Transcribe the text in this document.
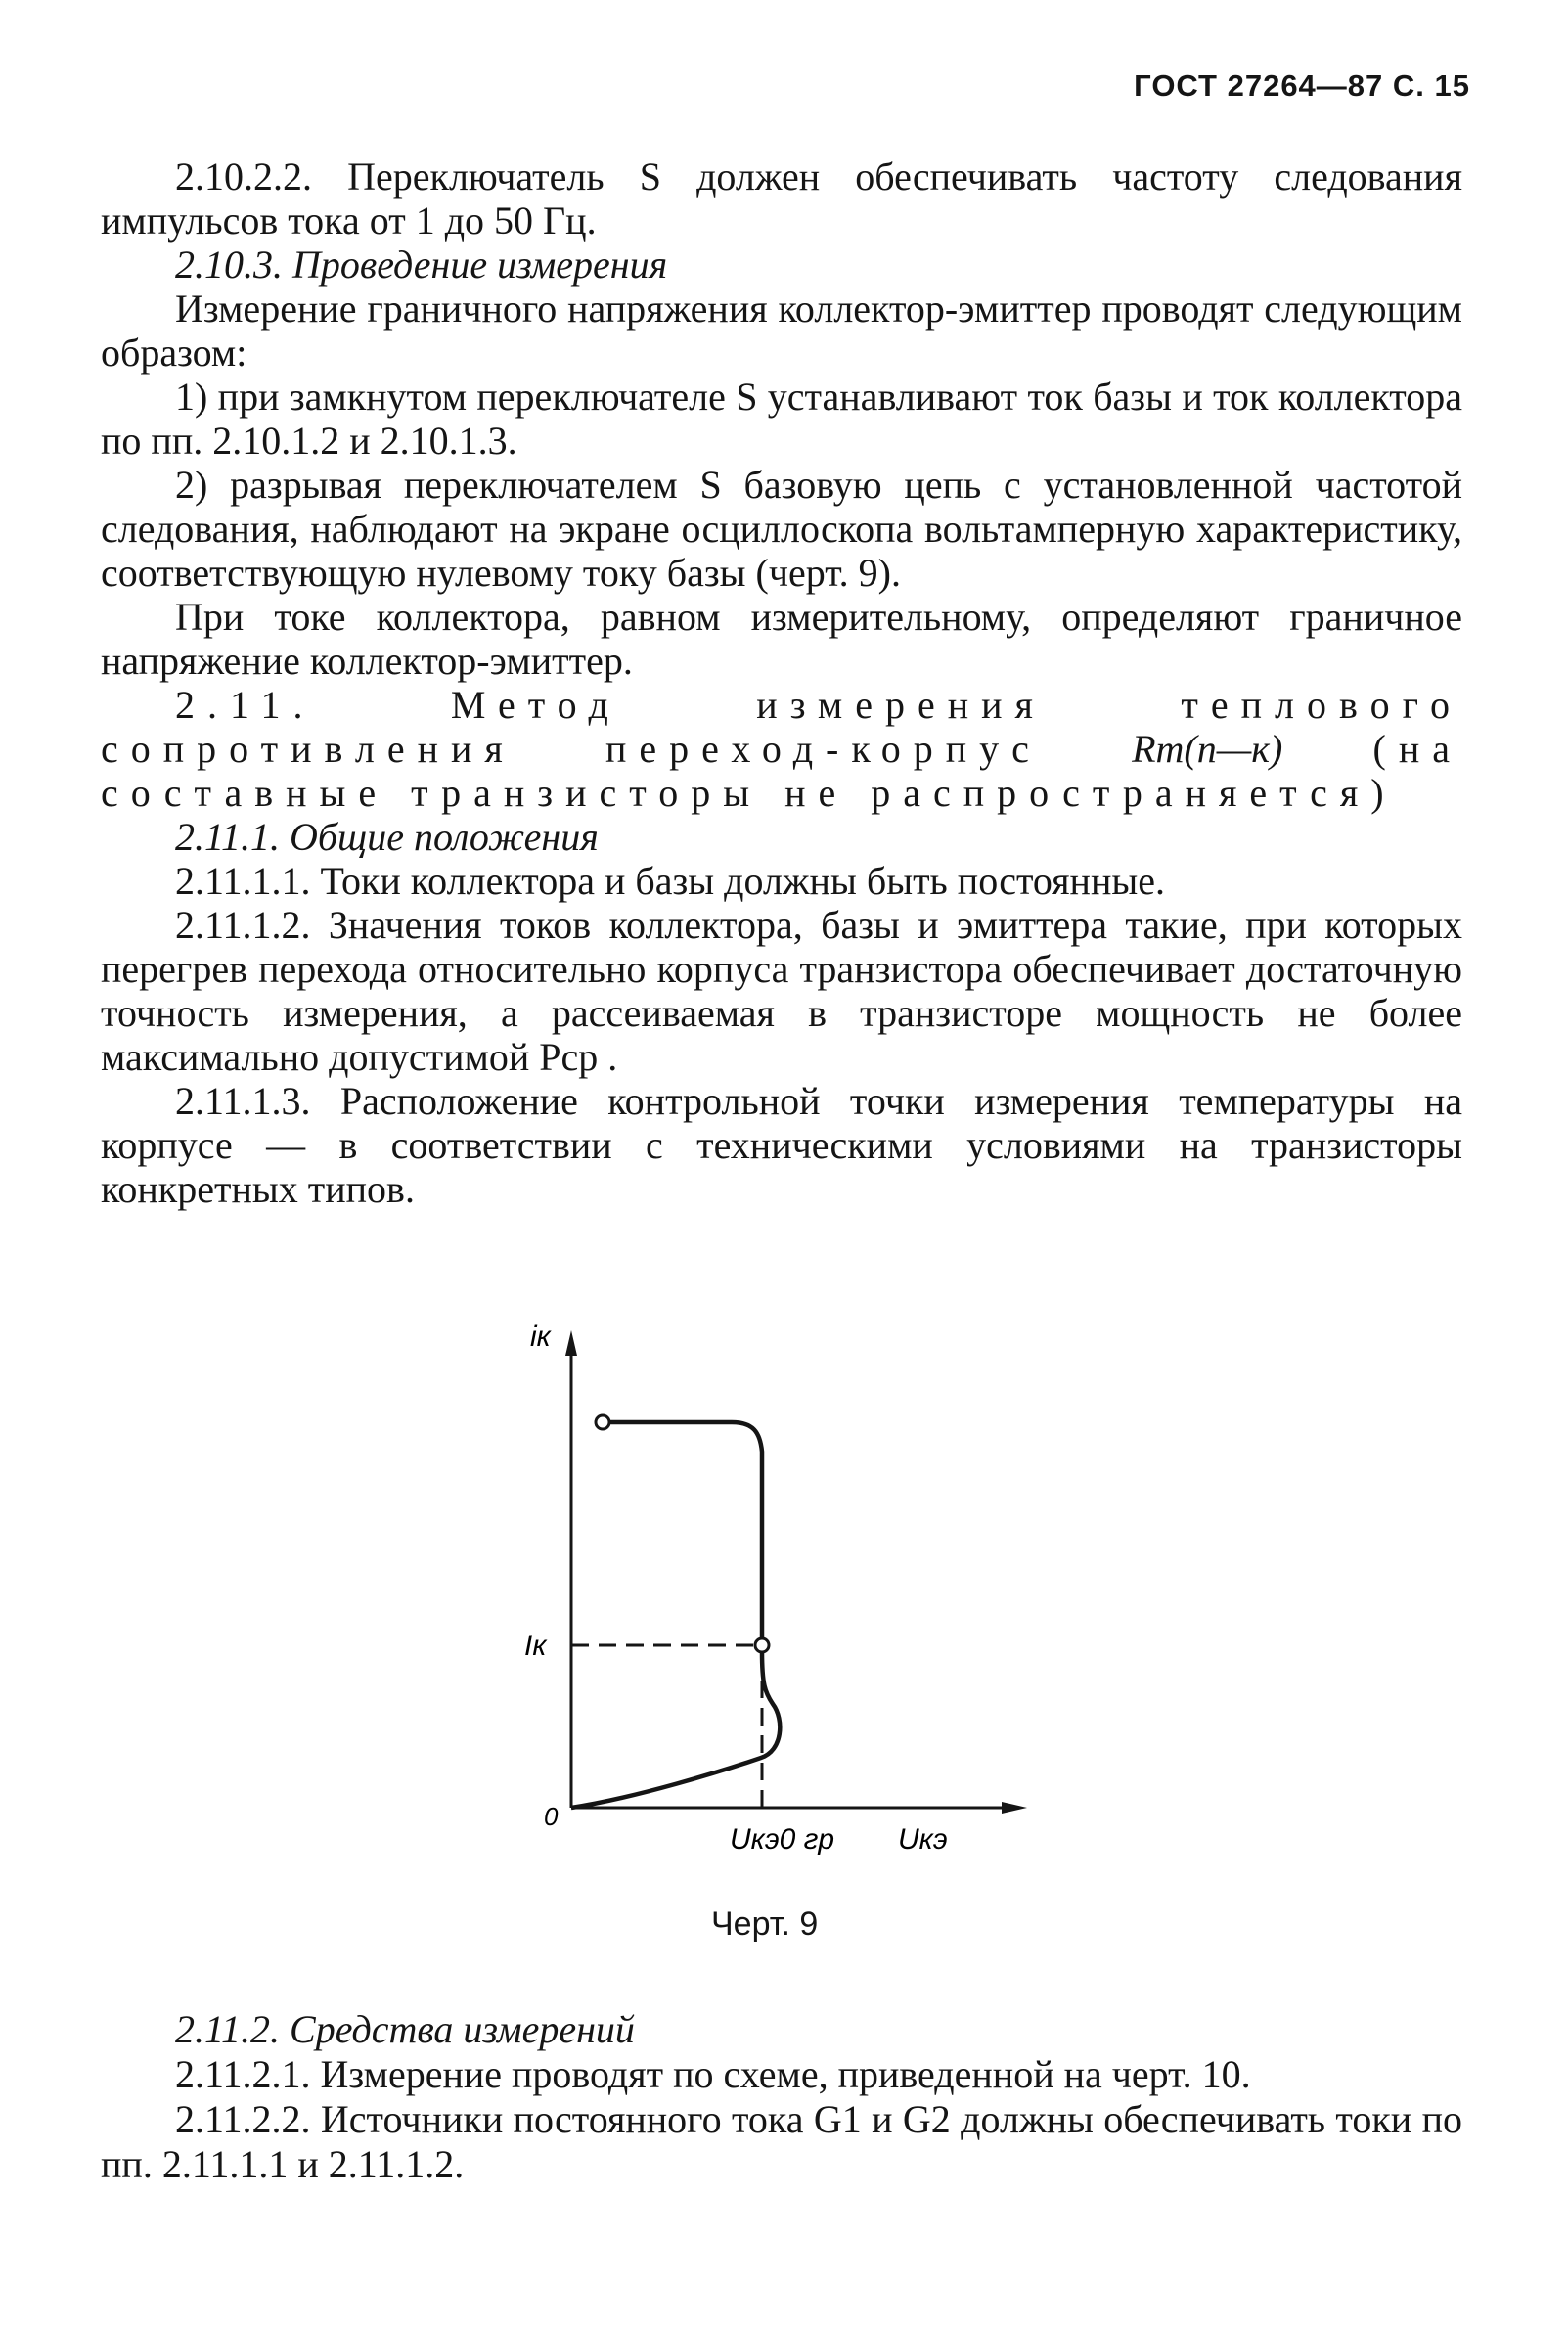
ГОСТ 27264—87 С. 15

2.10.2.2. Переключатель S должен обеспечивать частоту следования импульсов тока от 1 до 50 Гц.

2.10.3. Проведение измерения

Измерение граничного напряжения коллектор-эмиттер проводят следующим образом:

1) при замкнутом переключателе S устанавливают ток базы и ток коллектора по пп. 2.10.1.2 и 2.10.1.3.

2) разрывая переключателем S базовую цепь с установленной частотой следования, наблюдают на экране осциллоскопа вольтамперную характеристику, соответствующую нулевому току базы (черт. 9).

При токе коллектора, равном измерительному, определяют граничное напряжение коллектор-эмиттер.

2.11. Метод измерения теплового сопротивления переход-корпус Rт(п—к) (на составные транзисторы не распространяется)

2.11.1. Общие положения

2.11.1.1. Токи коллектора и базы должны быть постоянные.

2.11.1.2. Значения токов коллектора, базы и эмиттера такие, при которых перегрев перехода относительно корпуса транзистора обеспечивает достаточную точность измерения, а рассеиваемая в транзисторе мощность не более максимально допустимой Pср .

2.11.1.3. Расположение контрольной точки измерения температуры на корпусе — в соответствии с техническими условиями на транзисторы конкретных типов.

iк
Iк
0
Uкэ0 гр Uкэ
Черт. 9

2.11.2. Средства измерений

2.11.2.1. Измерение проводят по схеме, приведенной на черт. 10.

2.11.2.2. Источники постоянного тока G1 и G2 должны обеспечивать токи по пп. 2.11.1.1 и 2.11.1.2.
